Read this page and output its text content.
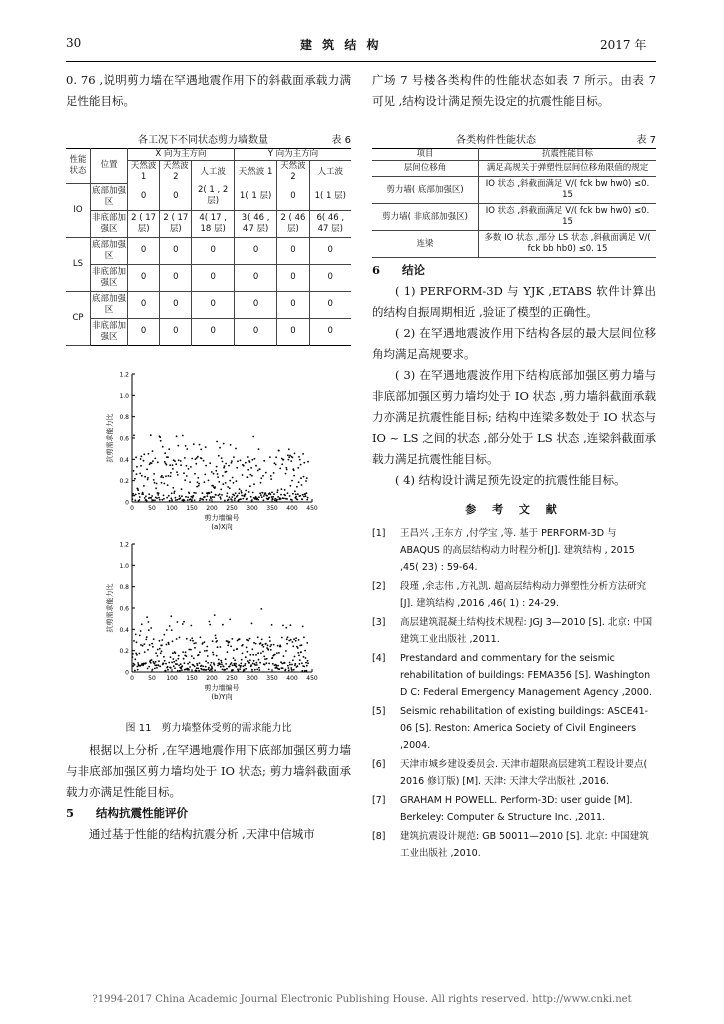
30	建 筑 结 构	2017 年

0. 76 ,说明剪力墙在罕遇地震作用下的斜截面承载力满足性能目标。

各工况下不同状态剪力墙数量	表 6
性能状态	位置	X 向为主方向			Y 向为主方向		
		天然波 1	天然波 2	人工波	天然波 1	天然波 2	人工波
IO	底部加强区	0	0	2( 1 , 2 层)	1( 1 层)	0	1( 1 层)
	非底部加强区	2 ( 17 层)	2 ( 17 层)	4( 17 , 18 层)	3( 46 , 47 层)	2 ( 46 层)	6( 46 , 47 层)
LS	底部加强区	0	0	0	0	0	0
	非底部加强区	0	0	0	0	0	0
CP	底部加强区	0	0	0	0	0	0
	非底部加强区	0	0	0	0	0	0
0
0.2
0.4
0.6
0.8
1.0
1.2
0 50 100 150 200 250 300 350 400 450
抗剪需求能力比
剪力墙编号
(a)X向
0
0.2
0.4
0.6
0.8
1.0
1.2
0 50 100 150 200 250 300 350 400 450
抗剪需求能力比
剪力墙编号
(b)Y向
图 11　剪力墙整体受剪的需求能力比

根据以上分析 ,在罕遇地震作用下底部加强区剪力墙与非底部加强区剪力墙均处于 IO 状态; 剪力墙斜截面承载力亦满足性能目标。

5 结构抗震性能评价

通过基于性能的结构抗震分析 ,天津中信城市

广场 7 号楼各类构件的性能状态如表 7 所示。由表 7 可见 ,结构设计满足预先设定的抗震性能目标。

各类构件性能状态	表 7
项目	抗震性能目标
层间位移角	满足高规关于弹塑性层间位移角限值的规定
剪力墙( 底部加强区)	IO 状态 ,斜截面满足 V/( fck bw hw0) ≤0. 15
剪力墙( 非底部加强区)	IO 状态 ,斜截面满足 V/( fck bw hw0) ≤0. 15
连梁	多数 IO 状态 ,部分 LS 状态 ,斜截面满足 V/( fck bb hb0) ≤0. 15

6 结论

( 1) PERFORM-3D 与 YJK ,ETABS 软件计算出的结构自振周期相近 ,验证了模型的正确性。

( 2) 在罕遇地震波作用下结构各层的最大层间位移角均满足高规要求。

( 3) 在罕遇地震波作用下结构底部加强区剪力墙与非底部加强区剪力墙均处于 IO 状态 ,剪力墙斜截面承载力亦满足抗震性能目标; 结构中连梁多数处于 IO 状态与 IO ~ LS 之间的状态 ,部分处于 LS 状态 ,连梁斜截面承载力满足抗震性能目标。

( 4) 结构设计满足预先设定的抗震性能目标。

参 考 文 献
[1]	王昌兴 ,王东方 ,付学宝 ,等. 基于 PERFORM-3D 与 ABAQUS 的高层结构动力时程分析[J]. 建筑结构 , 2015 ,45( 23) : 59-64.
[2]	段瑾 ,余志伟 ,方礼凯. 超高层结构动力弹塑性分析方法研究[J]. 建筑结构 ,2016 ,46( 1) : 24-29.
[3]	高层建筑混凝土结构技术规程: JGJ 3—2010 [S]. 北京: 中国建筑工业出版社 ,2011.
[4]	Prestandard and commentary for the seismic rehabilitation of buildings: FEMA356 [S]. Washington D C: Federal Emergency Management Agency ,2000.
[5]	Seismic rehabilitation of existing buildings: ASCE41-06 [S]. Reston: America Society of Civil Engineers ,2004.
[6]	天津市城乡建设委员会. 天津市超限高层建筑工程设计要点( 2016 修订版) [M]. 天津: 天津大学出版社 ,2016.
[7]	GRAHAM H POWELL. Perform-3D: user guide [M]. Berkeley: Computer & Structure Inc. ,2011.
[8]	建筑抗震设计规范: GB 50011—2010 [S]. 北京: 中国建筑工业出版社 ,2010.
?1994-2017 China Academic Journal Electronic Publishing House. All rights reserved. http://www.cnki.net
